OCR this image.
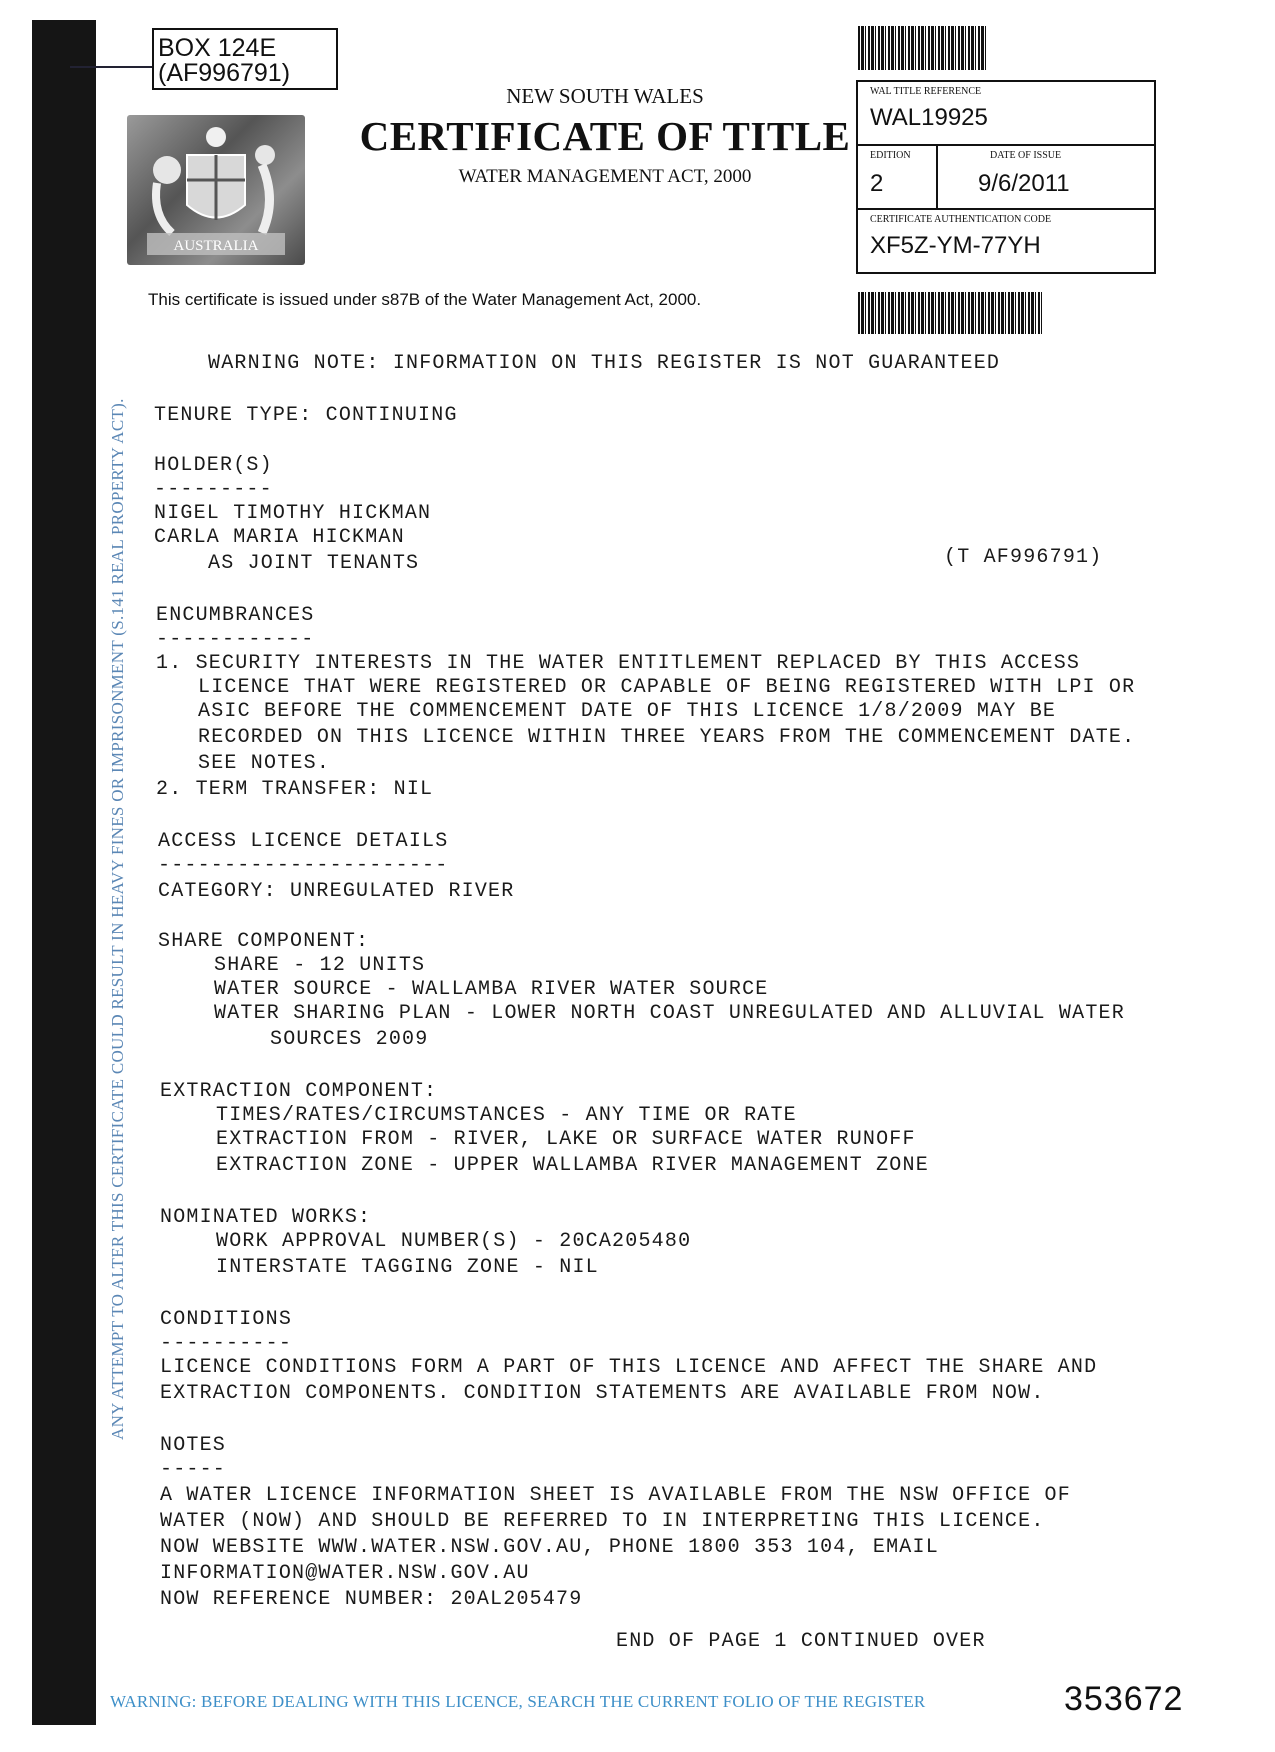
BOX 124E
(AF996791)
AUSTRALIA
NEW SOUTH WALES
CERTIFICATE OF TITLE
WATER MANAGEMENT ACT, 2000
This certificate is issued under s87B of the Water Management Act, 2000.
WAL TITLE REFERENCE
WAL19925
EDITION
2
DATE OF ISSUE
9/6/2011
CERTIFICATE AUTHENTICATION CODE
XF5Z-YM-77YH
WARNING NOTE: INFORMATION ON THIS REGISTER IS NOT GUARANTEED
TENURE TYPE: CONTINUING
HOLDER(S)
---------
NIGEL TIMOTHY HICKMAN
CARLA MARIA HICKMAN
AS JOINT TENANTS	(T AF996791)
ENCUMBRANCES
------------
1. SECURITY INTERESTS IN THE WATER ENTITLEMENT REPLACED BY THIS ACCESS
LICENCE THAT WERE REGISTERED OR CAPABLE OF BEING REGISTERED WITH LPI OR
ASIC BEFORE THE COMMENCEMENT DATE OF THIS LICENCE 1/8/2009 MAY BE
RECORDED ON THIS LICENCE WITHIN THREE YEARS FROM THE COMMENCEMENT DATE.
SEE NOTES.
2. TERM TRANSFER: NIL
ACCESS LICENCE DETAILS
----------------------
CATEGORY: UNREGULATED RIVER
SHARE COMPONENT:
SHARE - 12 UNITS
WATER SOURCE - WALLAMBA RIVER WATER SOURCE
WATER SHARING PLAN - LOWER NORTH COAST UNREGULATED AND ALLUVIAL WATER
SOURCES 2009
EXTRACTION COMPONENT:
TIMES/RATES/CIRCUMSTANCES - ANY TIME OR RATE
EXTRACTION FROM - RIVER, LAKE OR SURFACE WATER RUNOFF
EXTRACTION ZONE - UPPER WALLAMBA RIVER MANAGEMENT ZONE
NOMINATED WORKS:
WORK APPROVAL NUMBER(S) - 20CA205480
INTERSTATE TAGGING ZONE - NIL
CONDITIONS
----------
LICENCE CONDITIONS FORM A PART OF THIS LICENCE AND AFFECT THE SHARE AND
EXTRACTION COMPONENTS. CONDITION STATEMENTS ARE AVAILABLE FROM NOW.
NOTES
-----
A WATER LICENCE INFORMATION SHEET IS AVAILABLE FROM THE NSW OFFICE OF
WATER (NOW) AND SHOULD BE REFERRED TO IN INTERPRETING THIS LICENCE.
NOW WEBSITE WWW.WATER.NSW.GOV.AU, PHONE 1800 353 104, EMAIL
INFORMATION@WATER.NSW.GOV.AU
NOW REFERENCE NUMBER: 20AL205479
END OF PAGE 1 CONTINUED OVER
ANY ATTEMPT TO ALTER THIS CERTIFICATE COULD RESULT IN HEAVY FINES OR IMPRISONMENT (S.141 REAL PROPERTY ACT).
WARNING: BEFORE DEALING WITH THIS LICENCE, SEARCH THE CURRENT FOLIO OF THE REGISTER	353672
